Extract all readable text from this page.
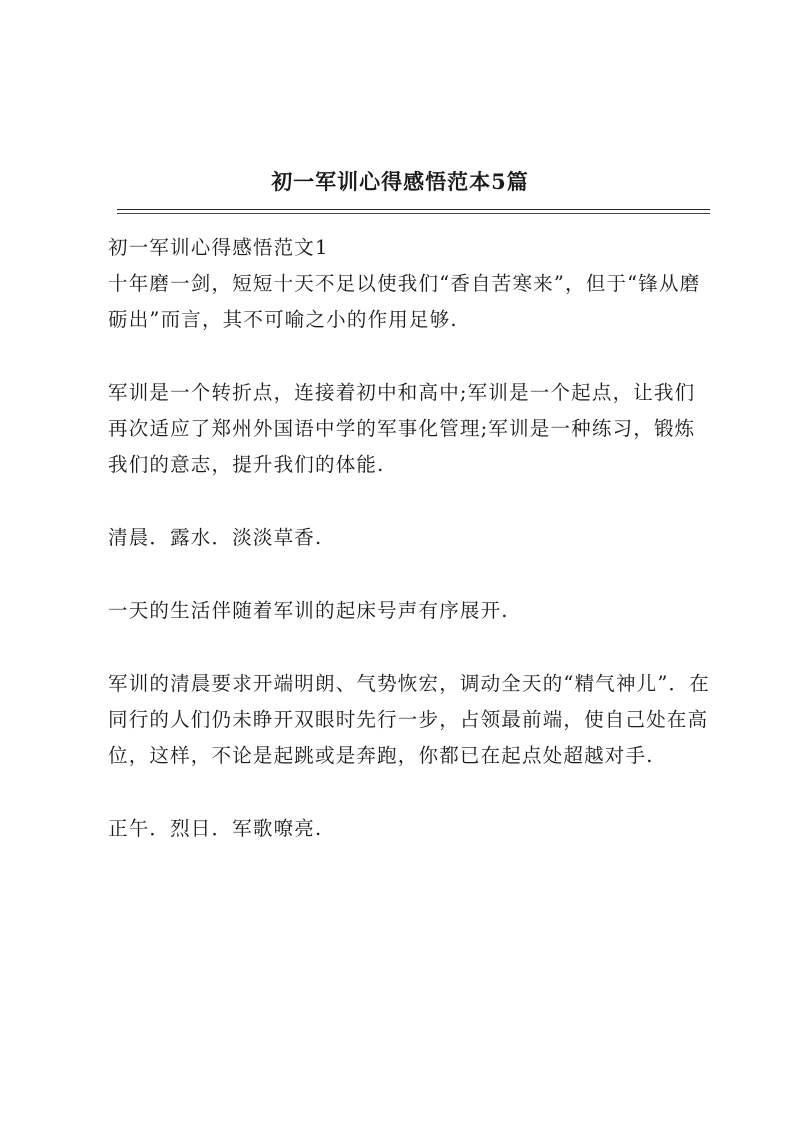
初一军训心得感悟范本5篇

初一军训心得感悟范文1

十年磨一剑，短短十天不足以使我们“香自苦寒来”，但于“锋从磨砺出”而言，其不可喻之小的作用足够.

军训是一个转折点，连接着初中和高中;军训是一个起点，让我们再次适应了郑州外国语中学的军事化管理;军训是一种练习，锻炼我们的意志，提升我们的体能.

清晨．露水．淡淡草香.

一天的生活伴随着军训的起床号声有序展开.

军训的清晨要求开端明朗、气势恢宏，调动全天的“精气神儿”．在同行的人们仍未睁开双眼时先行一步，占领最前端，使自己处在高位，这样，不论是起跳或是奔跑，你都已在起点处超越对手.

正午．烈日．军歌嘹亮.
